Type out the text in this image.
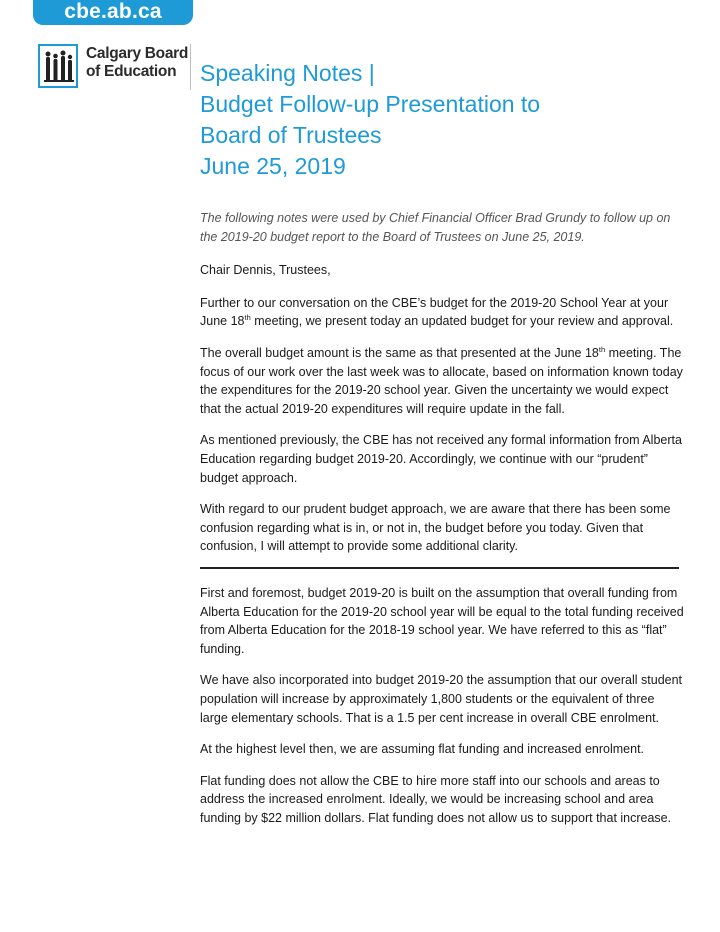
cbe.ab.ca
Calgary Board
of Education	Speaking Notes |
Budget Follow-up Presentation to
Board of Trustees
June 25, 2019

The following notes were used by Chief Financial Officer Brad Grundy to follow up on the 2019-20 budget report to the Board of Trustees on June 25, 2019.

Chair Dennis, Trustees,

Further to our conversation on the CBE’s budget for the 2019-20 School Year at your June 18th meeting, we present today an updated budget for your review and approval.

The overall budget amount is the same as that presented at the June 18th meeting. The focus of our work over the last week was to allocate, based on information known today the expenditures for the 2019-20 school year. Given the uncertainty we would expect that the actual 2019-20 expenditures will require update in the fall.

As mentioned previously, the CBE has not received any formal information from Alberta Education regarding budget 2019-20. Accordingly, we continue with our “prudent” budget approach.

With regard to our prudent budget approach, we are aware that there has been some confusion regarding what is in, or not in, the budget before you today. Given that confusion, I will attempt to provide some additional clarity.

First and foremost, budget 2019-20 is built on the assumption that overall funding from Alberta Education for the 2019-20 school year will be equal to the total funding received from Alberta Education for the 2018-19 school year. We have referred to this as “flat” funding.

We have also incorporated into budget 2019-20 the assumption that our overall student population will increase by approximately 1,800 students or the equivalent of three large elementary schools. That is a 1.5 per cent increase in overall CBE enrolment.

At the highest level then, we are assuming flat funding and increased enrolment.

Flat funding does not allow the CBE to hire more staff into our schools and areas to address the increased enrolment. Ideally, we would be increasing school and area funding by $22 million dollars. Flat funding does not allow us to support that increase.
